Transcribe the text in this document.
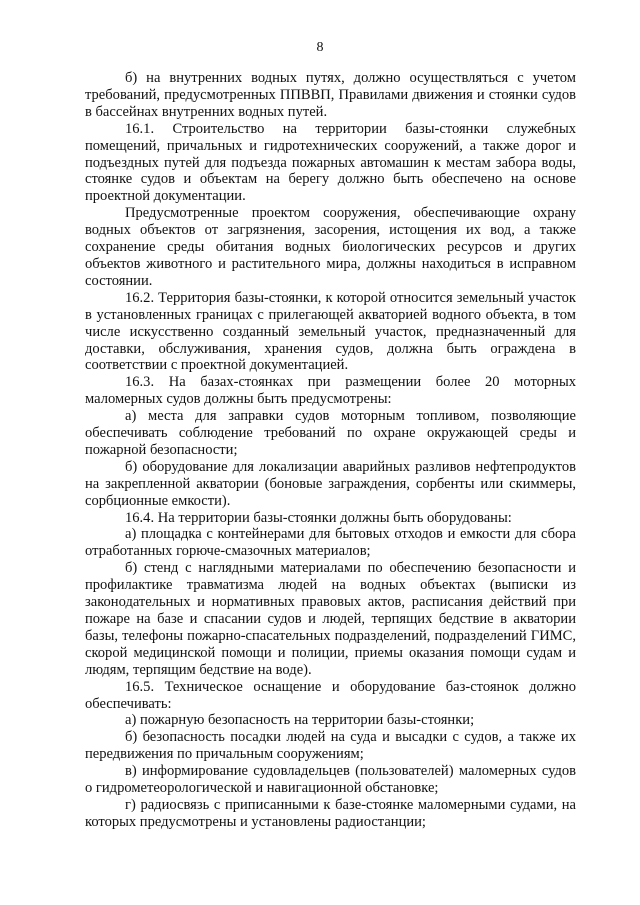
8

б) на внутренних водных путях, должно осуществляться с учетом требований, предусмотренных ППВВП, Правилами движения и стоянки судов в бассейнах внутренних водных путей.

16.1. Строительство на территории базы-стоянки служебных помещений, причальных и гидротехнических сооружений, а также дорог и подъездных путей для подъезда пожарных автомашин к местам забора воды, стоянке судов и объектам на берегу должно быть обеспечено на основе проектной документации.

Предусмотренные проектом сооружения, обеспечивающие охрану водных объектов от загрязнения, засорения, истощения их вод, а также сохранение среды обитания водных биологических ресурсов и других объектов животного и растительного мира, должны находиться в исправном состоянии.

16.2. Территория базы-стоянки, к которой относится земельный участок в установленных границах с прилегающей акваторией водного объекта, в том числе искусственно созданный земельный участок, предназначенный для доставки, обслуживания, хранения судов, должна быть ограждена в соответствии с проектной документацией.

16.3. На базах-стоянках при размещении более 20 моторных маломерных судов должны быть предусмотрены:

а) места для заправки судов моторным топливом, позволяющие обеспечивать соблюдение требований по охране окружающей среды и пожарной безопасности;

б) оборудование для локализации аварийных разливов нефтепродуктов на закрепленной акватории (боновые заграждения, сорбенты или скиммеры, сорбционные емкости).

16.4. На территории базы-стоянки должны быть оборудованы:

а) площадка с контейнерами для бытовых отходов и емкости для сбора отработанных горюче-смазочных материалов;

б) стенд с наглядными материалами по обеспечению безопасности и профилактике травматизма людей на водных объектах (выписки из законодательных и нормативных правовых актов, расписания действий при пожаре на базе и спасании судов и людей, терпящих бедствие в акватории базы, телефоны пожарно-спасательных подразделений, подразделений ГИМС, скорой медицинской помощи и полиции, приемы оказания помощи судам и людям, терпящим бедствие на воде).

16.5. Техническое оснащение и оборудование баз-стоянок должно обеспечивать:

а) пожарную безопасность на территории базы-стоянки;

б) безопасность посадки людей на суда и высадки с судов, а также их передвижения по причальным сооружениям;

в) информирование судовладельцев (пользователей) маломерных судов о гидрометеорологической и навигационной обстановке;

г) радиосвязь с приписанными к базе-стоянке маломерными судами, на которых предусмотрены и установлены радиостанции;
